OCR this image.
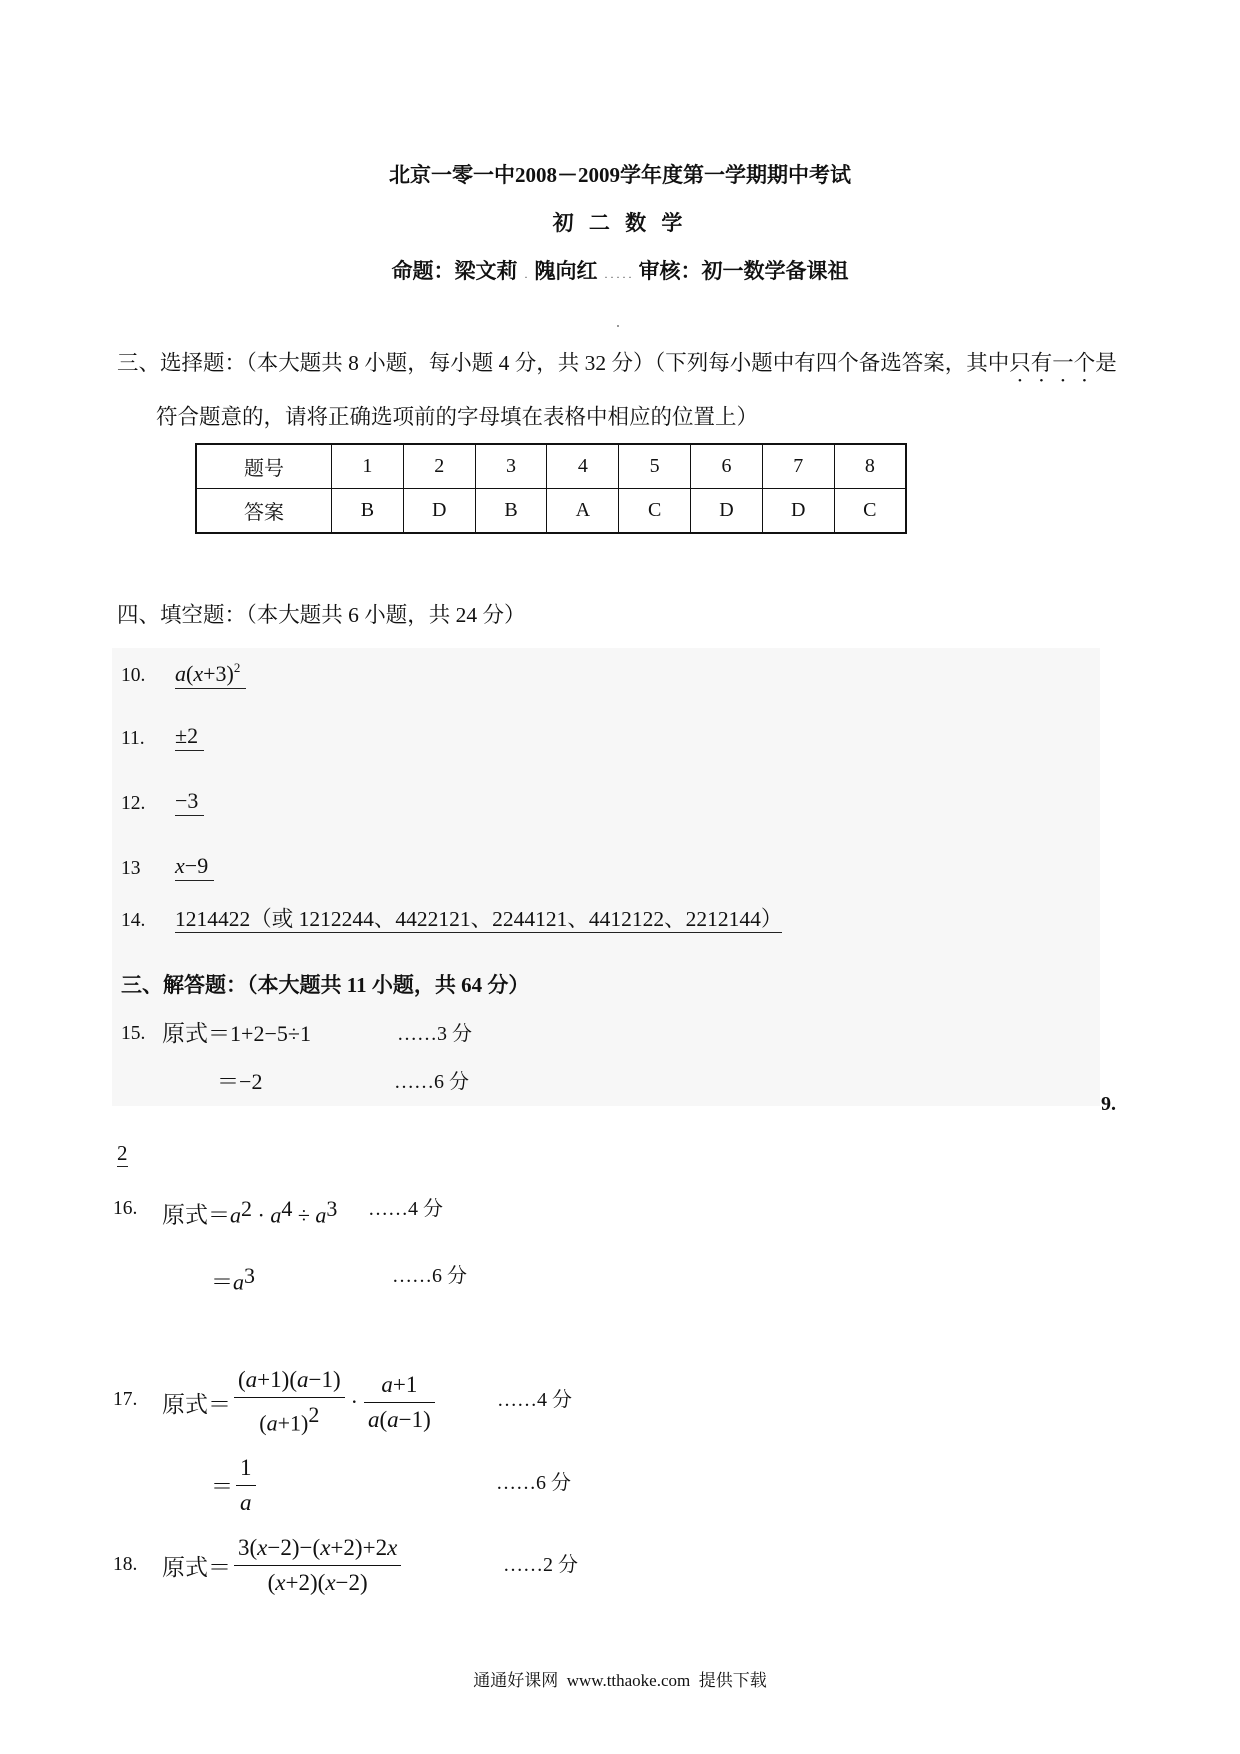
北京一零一中2008－2009学年度第一学期期中考试
初 二 数 学
命题：梁文莉 . 隗向红 . . . . . 审核：初一数学备课祖
三、选择题：（本大题共 8 小题，每小题 4 分，共 32 分）（下列每小题中有四个备选答案，其中只有一个是
符合题意的，请将正确选项前的字母填在表格中相应的位置上）
题号	1	2	3	4	5	6	7	8
答案	B	D	B	A	C	D	D	C
四、填空题：（本大题共 6 小题，共 24 分）
10. $a(x+3)^2$
11. ±2
12. −3
13 x−9
14. 1214422（或 1212244、4422121、2244121、4412122、2212144）
三、解答题：（本大题共 11 小题，共 64 分）
15. 原式＝1+2−5÷1	……3 分
＝−2	……6 分
9.
2
16. 原式$=a^2 \cdot a^4 \div a^3$ ……4 分
$=a^3$	……6 分
17. 原式＝ $\frac{(a+1)(a-1)}{(a+1)^2} \cdot \frac{a+1}{a(a-1)}$	……4 分
＝ $\frac{1}{a}$	……6 分
18. 原式＝ $\frac{3(x-2)-(x+2)+2x}{(x+2)(x-2)}$	……2 分
通通好课网  www.tthaoke.com  提供下载
